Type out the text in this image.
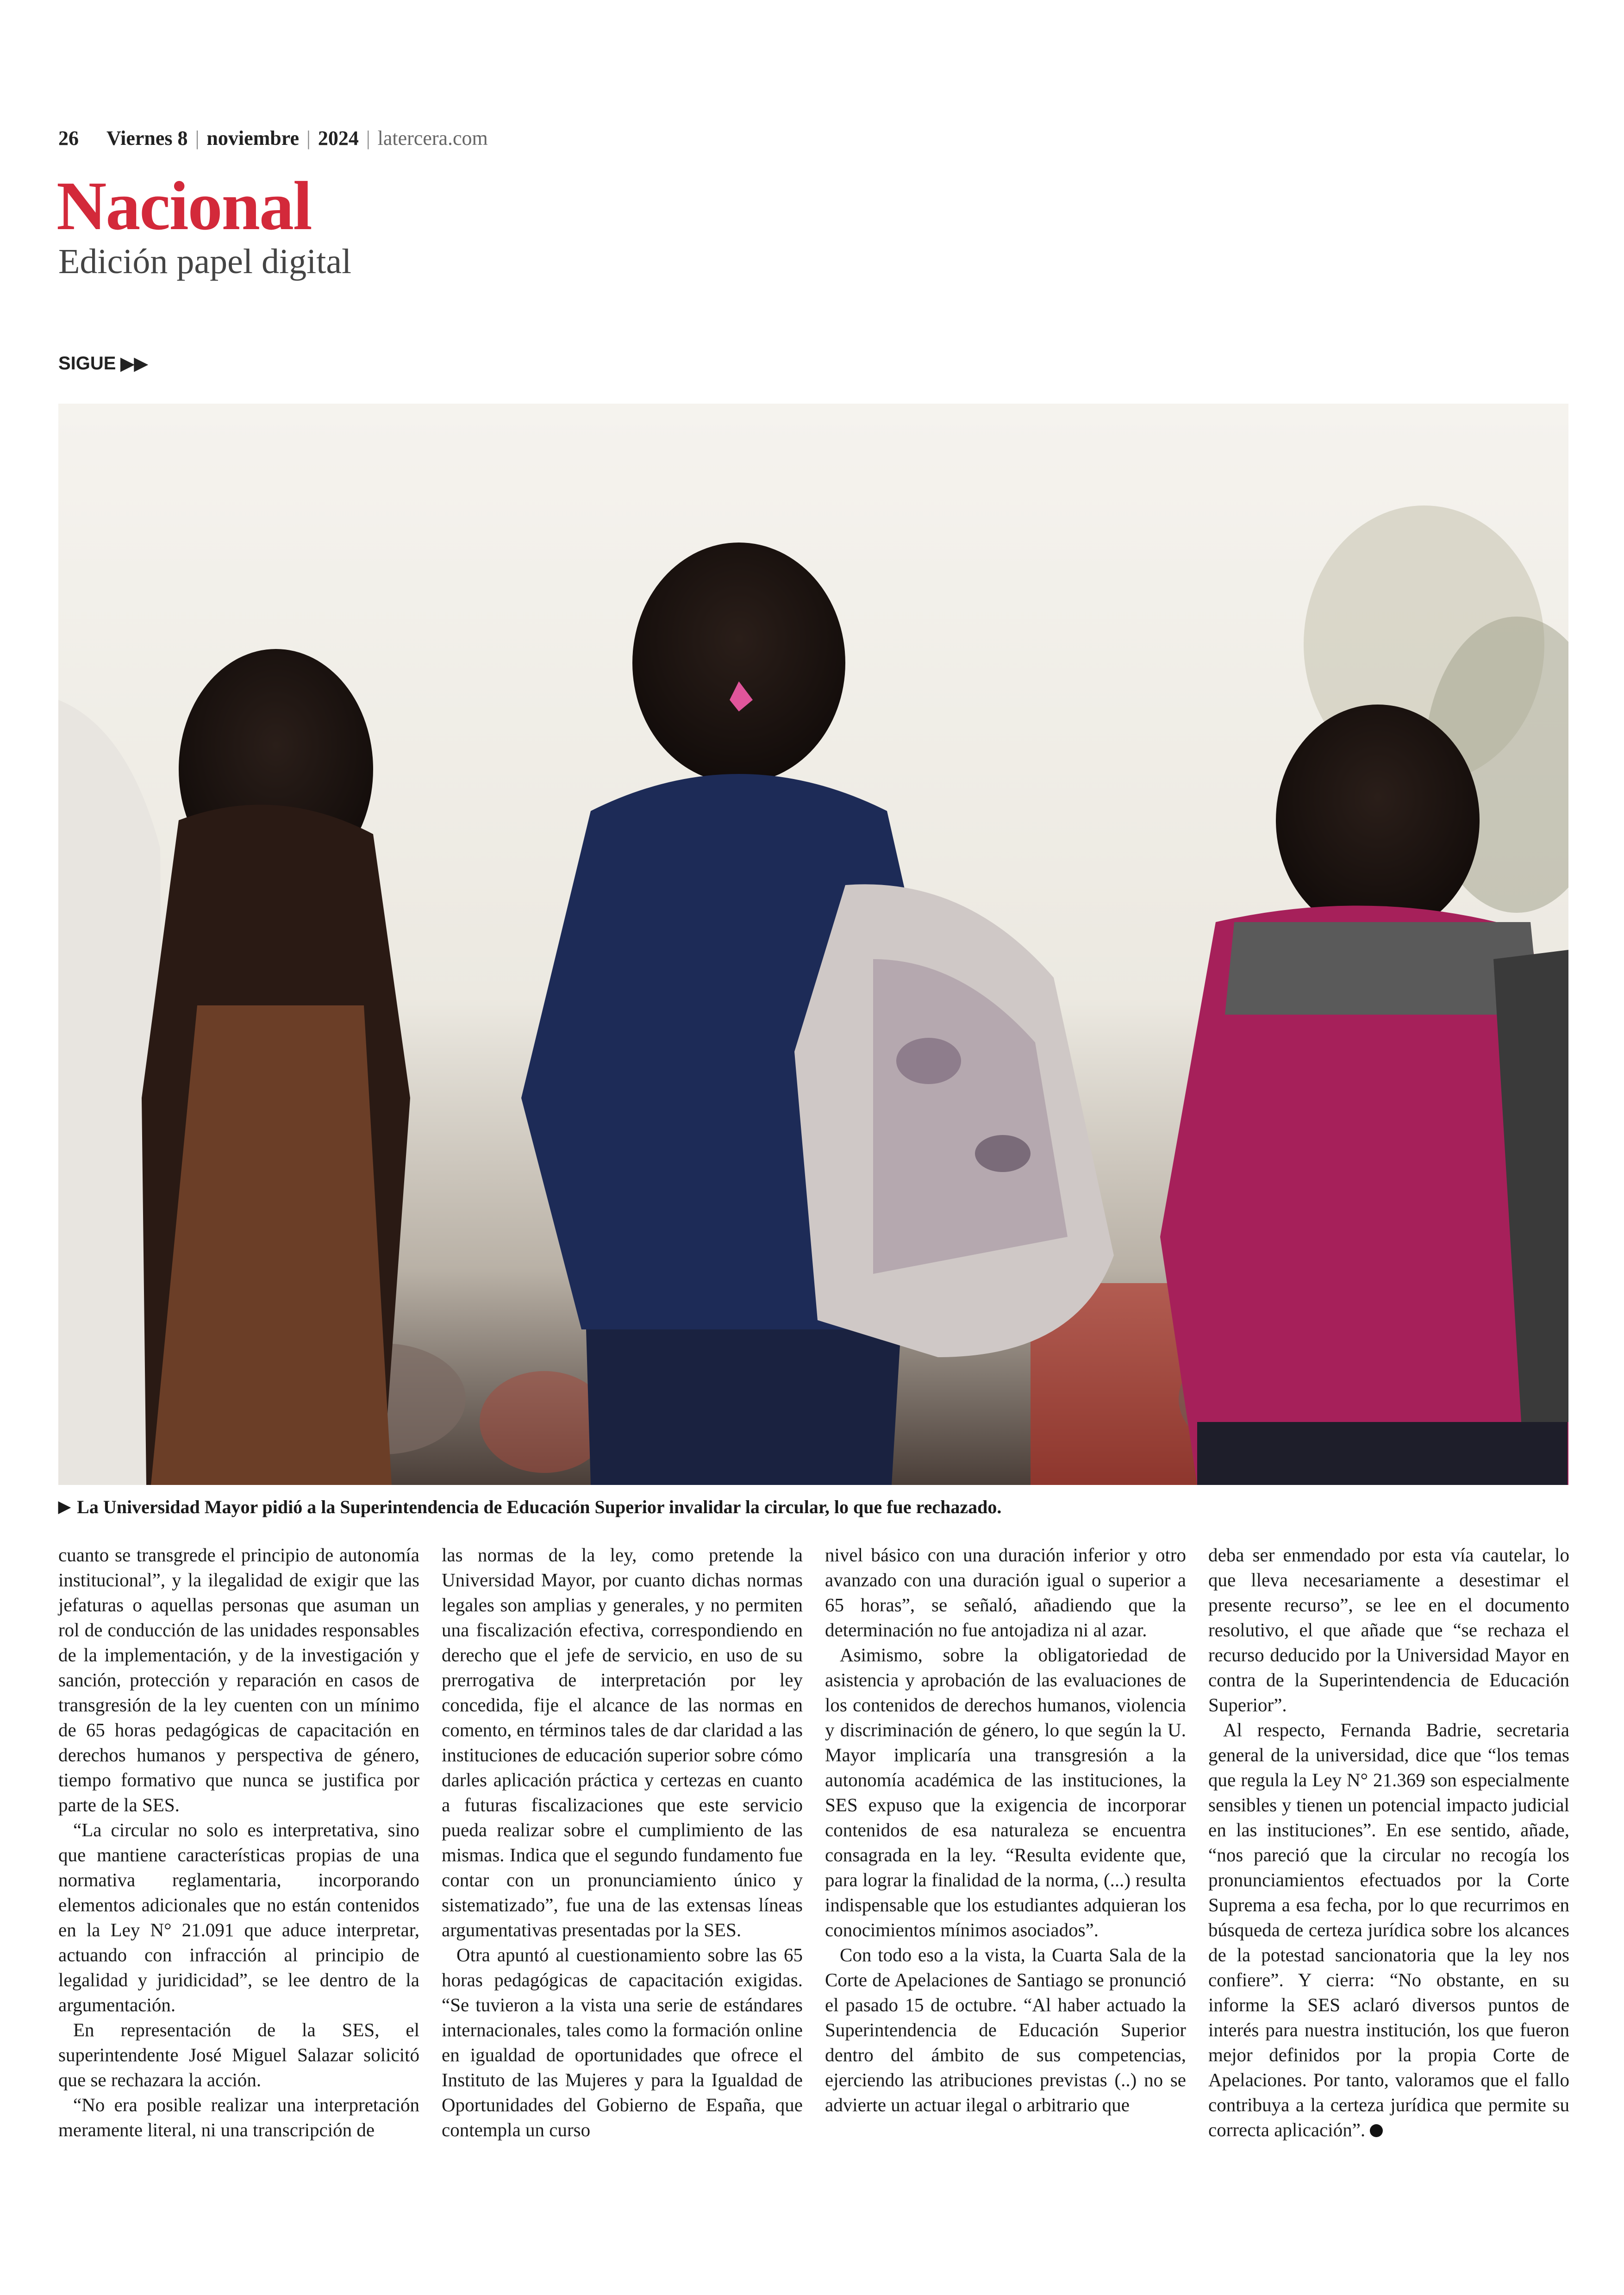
26 Viernes 8 | noviembre | 2024 | latercera.com
Nacional
Edición papel digital
SIGUE ▶▶
▶ La Universidad Mayor pidió a la Superintendencia de Educación Superior invalidar la circular, lo que fue rechazado.

cuanto se transgrede el principio de autonomía institucional”, y la ilegalidad de exigir que las jefaturas o aquellas personas que asuman un rol de conducción de las unidades responsables de la implementación, y de la investigación y sanción, protección y reparación en casos de transgresión de la ley cuenten con un mínimo de 65 horas pedagógicas de capacitación en derechos humanos y perspectiva de género, tiempo formativo que nunca se justifica por parte de la SES.

“La circular no solo es interpretativa, sino que mantiene características propias de una normativa reglamentaria, incorporando elementos adicionales que no están contenidos en la Ley N° 21.091 que aduce interpretar, actuando con infracción al principio de legalidad y juridicidad”, se lee dentro de la argumentación.

En representación de la SES, el superintendente José Miguel Salazar solicitó que se rechazara la acción.

“No era posible realizar una interpretación meramente literal, ni una transcripción de

las normas de la ley, como pretende la Universidad Mayor, por cuanto dichas normas legales son amplias y generales, y no permiten una fiscalización efectiva, correspondiendo en derecho que el jefe de servicio, en uso de su prerrogativa de interpretación por ley concedida, fije el alcance de las normas en comento, en términos tales de dar claridad a las instituciones de educación superior sobre cómo darles aplicación práctica y certezas en cuanto a futuras fiscalizaciones que este servicio pueda realizar sobre el cumplimiento de las mismas. Indica que el segundo fundamento fue contar con un pronunciamiento único y sistematizado”, fue una de las extensas líneas argumentativas presentadas por la SES.

Otra apuntó al cuestionamiento sobre las 65 horas pedagógicas de capacitación exigidas. “Se tuvieron a la vista una serie de estándares internacionales, tales como la formación online en igualdad de oportunidades que ofrece el Instituto de las Mujeres y para la Igualdad de Oportunidades del Gobierno de España, que contempla un curso

nivel básico con una duración inferior y otro avanzado con una duración igual o superior a 65 horas”, se señaló, añadiendo que la determinación no fue antojadiza ni al azar.

Asimismo, sobre la obligatoriedad de asistencia y aprobación de las evaluaciones de los contenidos de derechos humanos, violencia y discriminación de género, lo que según la U. Mayor implicaría una transgresión a la autonomía académica de las instituciones, la SES expuso que la exigencia de incorporar contenidos de esa naturaleza se encuentra consagrada en la ley. “Resulta evidente que, para lograr la finalidad de la norma, (...) resulta indispensable que los estudiantes adquieran los conocimientos mínimos asociados”.

Con todo eso a la vista, la Cuarta Sala de la Corte de Apelaciones de Santiago se pronunció el pasado 15 de octubre. “Al haber actuado la Superintendencia de Educación Superior dentro del ámbito de sus competencias, ejerciendo las atribuciones previstas (..) no se advierte un actuar ilegal o arbitrario que

deba ser enmendado por esta vía cautelar, lo que lleva necesariamente a desestimar el presente recurso”, se lee en el documento resolutivo, el que añade que “se rechaza el recurso deducido por la Universidad Mayor en contra de la Superintendencia de Educación Superior”.

Al respecto, Fernanda Badrie, secretaria general de la universidad, dice que “los temas que regula la Ley N° 21.369 son especialmente sensibles y tienen un potencial impacto judicial en las instituciones”. En ese sentido, añade, “nos pareció que la circular no recogía los pronunciamientos efectuados por la Corte Suprema a esa fecha, por lo que recurrimos en búsqueda de certeza jurídica sobre los alcances de la potestad sancionatoria que la ley nos confiere”. Y cierra: “No obstante, en su informe la SES aclaró diversos puntos de interés para nuestra institución, los que fueron mejor definidos por la propia Corte de Apelaciones. Por tanto, valoramos que el fallo contribuya a la certeza jurídica que permite su correcta aplicación”.
